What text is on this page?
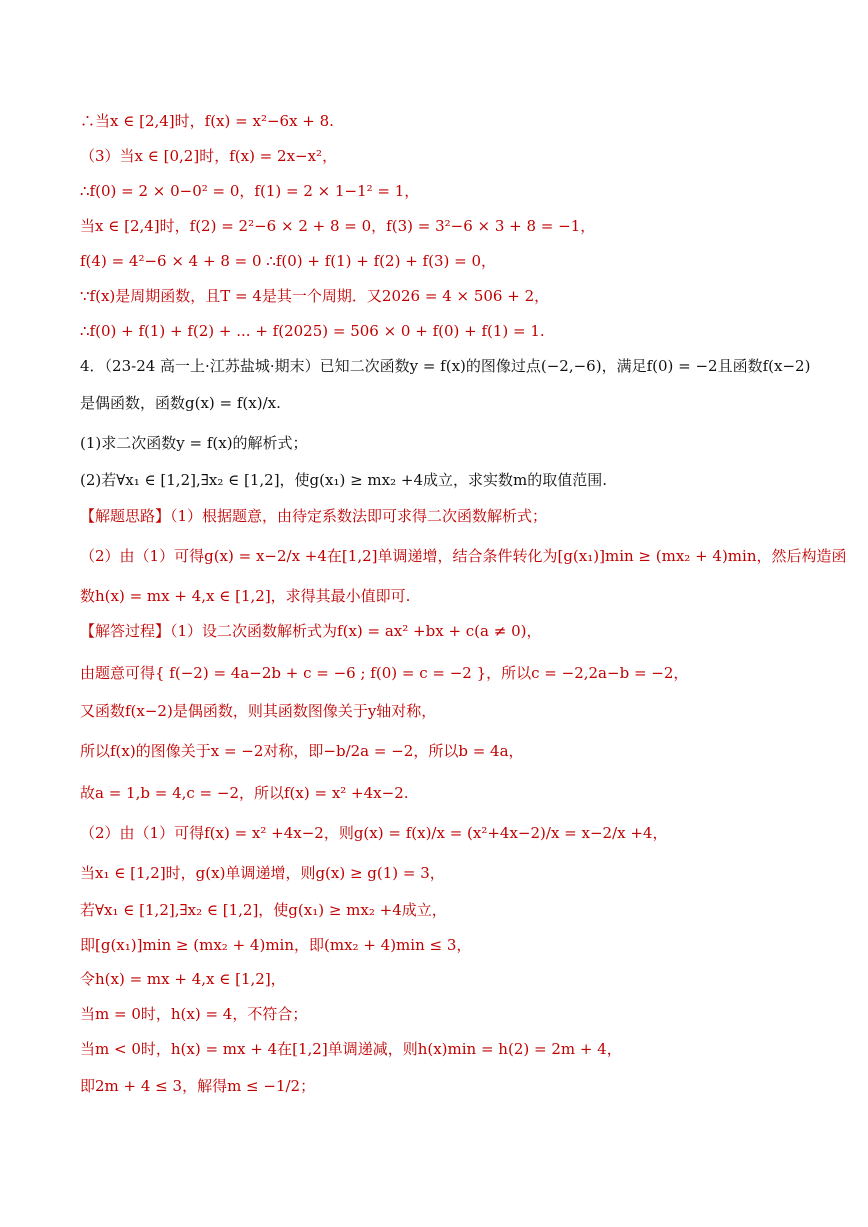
∴当x ∈ [2,4]时，f(x) = x²−6x + 8.
（3）当x ∈ [0,2]时，f(x) = 2x−x²，
∴f(0) = 2 × 0−0² = 0，f(1) = 2 × 1−1² = 1，
当x ∈ [2,4]时，f(2) = 2²−6 × 2 + 8 = 0，f(3) = 3²−6 × 3 + 8 = −1，
f(4) = 4²−6 × 4 + 8 = 0 ∴f(0) + f(1) + f(2) + f(3) = 0，
∵f(x)是周期函数，且T = 4是其一个周期．又2026 = 4 × 506 + 2，
∴f(0) + f(1) + f(2) + ... + f(2025) = 506 × 0 + f(0) + f(1) = 1.
4．（23-24 高一上·江苏盐城·期末）已知二次函数y = f(x)的图像过点(−2,−6)，满足f(0) = −2且函数f(x−2)
是偶函数，函数g(x) = f(x)/x.
(1)求二次函数y = f(x)的解析式；
(2)若∀x₁ ∈ [1,2],∃x₂ ∈ [1,2]，使g(x₁) ≥ mx₂ +4成立，求实数m的取值范围.
【解题思路】（1）根据题意，由待定系数法即可求得二次函数解析式；
（2）由（1）可得g(x) = x−2/x +4在[1,2]单调递增，结合条件转化为[g(x₁)]min ≥ (mx₂ + 4)min，然后构造函
数h(x) = mx + 4,x ∈ [1,2]，求得其最小值即可.
【解答过程】（1）设二次函数解析式为f(x) = ax² +bx + c(a ≠ 0)，
由题意可得{ f(−2) = 4a−2b + c = −6 ; f(0) = c = −2 }，所以c = −2,2a−b = −2，
又函数f(x−2)是偶函数，则其函数图像关于y轴对称，
所以f(x)的图像关于x = −2对称，即−b/2a = −2，所以b = 4a，
故a = 1,b = 4,c = −2，所以f(x) = x² +4x−2.
（2）由（1）可得f(x) = x² +4x−2，则g(x) = f(x)/x = (x²+4x−2)/x = x−2/x +4，
当x₁ ∈ [1,2]时，g(x)单调递增，则g(x) ≥ g(1) = 3，
若∀x₁ ∈ [1,2],∃x₂ ∈ [1,2]，使g(x₁) ≥ mx₂ +4成立，
即[g(x₁)]min ≥ (mx₂ + 4)min，即(mx₂ + 4)min ≤ 3，
令h(x) = mx + 4,x ∈ [1,2]，
当m = 0时，h(x) = 4，不符合；
当m < 0时，h(x) = mx + 4在[1,2]单调递减，则h(x)min = h(2) = 2m + 4，
即2m + 4 ≤ 3，解得m ≤ −1/2；
